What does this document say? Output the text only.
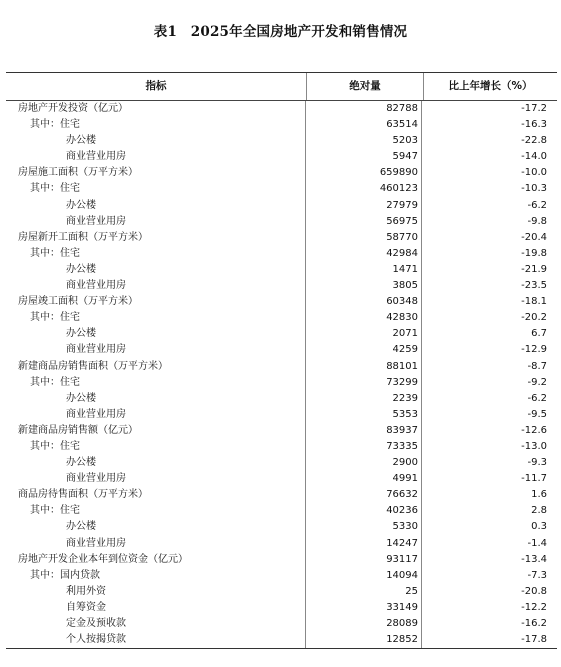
表1　2025年全国房地产开发和销售情况
指标	绝对量	比上年增长（%）
房地产开发投资（亿元）	82788	-17.2
其中：住宅	63514	-16.3
办公楼	5203	-22.8
商业营业用房	5947	-14.0
房屋施工面积（万平方米）	659890	-10.0
其中：住宅	460123	-10.3
办公楼	27979	-6.2
商业营业用房	56975	-9.8
房屋新开工面积（万平方米）	58770	-20.4
其中：住宅	42984	-19.8
办公楼	1471	-21.9
商业营业用房	3805	-23.5
房屋竣工面积（万平方米）	60348	-18.1
其中：住宅	42830	-20.2
办公楼	2071	6.7
商业营业用房	4259	-12.9
新建商品房销售面积（万平方米）	88101	-8.7
其中：住宅	73299	-9.2
办公楼	2239	-6.2
商业营业用房	5353	-9.5
新建商品房销售额（亿元）	83937	-12.6
其中：住宅	73335	-13.0
办公楼	2900	-9.3
商业营业用房	4991	-11.7
商品房待售面积（万平方米）	76632	1.6
其中：住宅	40236	2.8
办公楼	5330	0.3
商业营业用房	14247	-1.4
房地产开发企业本年到位资金（亿元）	93117	-13.4
其中：国内贷款	14094	-7.3
利用外资	25	-20.8
自筹资金	33149	-12.2
定金及预收款	28089	-16.2
个人按揭贷款	12852	-17.8
